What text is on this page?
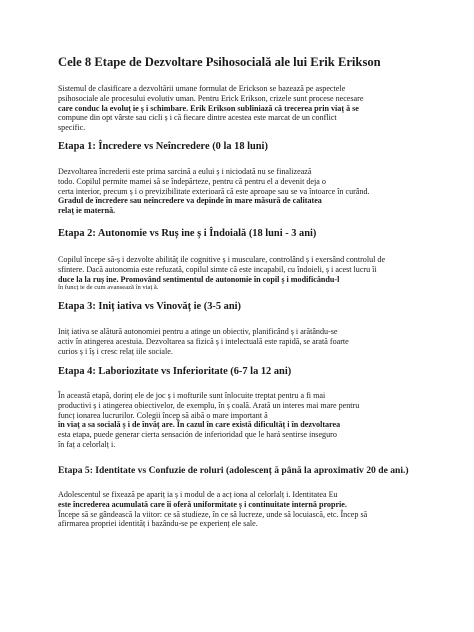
Cele 8 Etape de Dezvoltare Psihosocială ale lui Erik Erikson
Sistemul de clasificare a dezvoltării umane formulat de Erickson se bazează pe aspectele
psihosociale ale procesului evolutiv uman. Pentru Erick Erikson, crizele sunt procese necesare
care conduc la evoluț ie ș i schimbare. Erik Erikson subliniază că trecerea prin viaț ă se
compune din opt vârste sau cicli ș i că fiecare dintre acestea este marcat de un conflict
specific.
Etapa 1: Încredere vs Neîncredere (0 la 18 luni)
Dezvoltarea încrederii este prima sarcină a eului ș i niciodată nu se finalizează
todo. Copilul permite mamei să se îndepărteze, pentru că pentru el a devenit deja o
certa interior, precum ș i o previzibilitate exterioară că este aproape sau se va întoarce în curând.
Gradul de încredere sau neîncredere va depinde în mare măsură de calitatea
relaț ie maternă.
Etapa 2: Autonomie vs Ruș ine ș i Îndoială (18 luni - 3 ani)
Copilul începe să-ș i dezvolte abilităț ile cognitive ș i musculare, controlând ș i exersând controlul de
sfintere. Dacă autonomia este refuzată, copilul simte că este incapabil, cu îndoieli, ș i acest lucru îi
duce la la ruș ine. Promovând sentimentul de autonomie în copil ș i modificându-l
în funcț ie de cum avansează în viaț ă.
Etapa 3: Iniț iativa vs Vinovăț ie (3-5 ani)
Iniț iativa se alătură autonomiei pentru a atinge un obiectiv, planificând ș i arătându-se
activ în atingerea acestuia. Dezvoltarea sa fizică ș i intelectuală este rapidă, se arată foarte
curios ș i îș i cresc relaț iile sociale.
Etapa 4: Laboriozitate vs Inferioritate (6-7 la 12 ani)
În această etapă, dorinț ele de joc ș i mofturile sunt înlocuite treptat pentru a fi mai
productivi ș i atingerea obiectivelor, de exemplu, în ș coală. Arată un interes mai mare pentru
funcț ionarea lucrurilor. Colegii încep să aibă o mare important ă
în viaț a sa socială ș i de învăț are. În cazul în care există dificultăț i în dezvoltarea
esta etapa, puede generar cierta sensación de inferioridad que le hará sentirse inseguro
în faț a celorlalț i.
Etapa 5: Identitate vs Confuzie de roluri (adolescenț ă până la aproximativ 20 de ani.)
Adolescentul se fixează pe apariț ia ș i modul de a acț iona al celorlalț i. Identitatea Eu
este încrederea acumulată care îi oferă uniformitate ș i continuitate internă proprie.
Începe să se gândească la viitor: ce să studieze, în ce să lucreze, unde să locuiască, etc. Încep să
afirmarea propriei identităț i bazându-se pe experienț ele sale.
